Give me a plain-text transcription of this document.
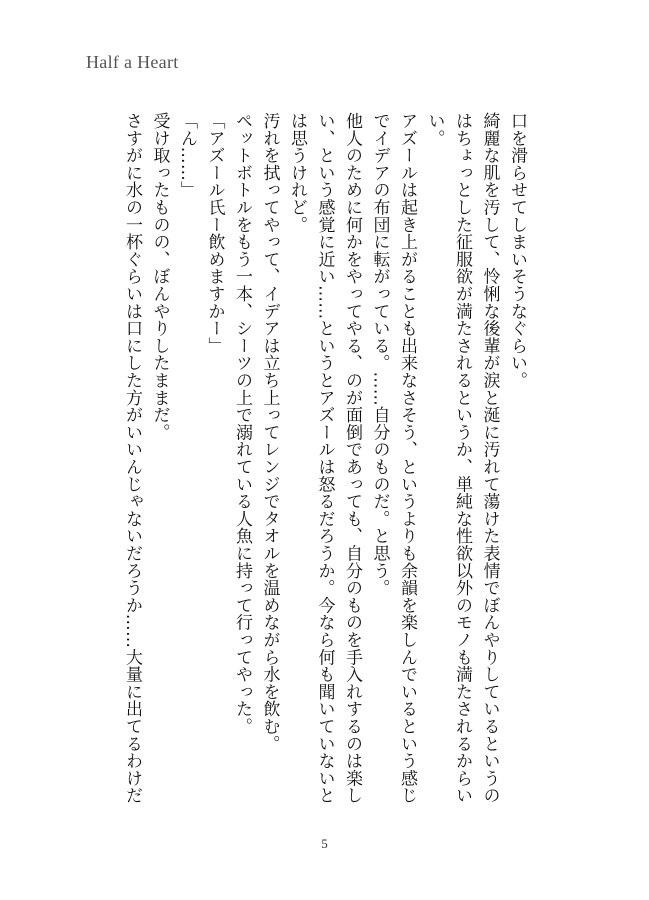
Half a Heart

口を滑らせてしまいそうなぐらい。

綺麗な肌を汚して、怜悧な後輩が涙と涎に汚れて蕩けた表情でぼんやりしているというのはちょっとした征服欲が満たされるというか、単純な性欲以外のモノも満たされるからいい。

アズールは起き上がることも出来なさそう、というよりも余韻を楽しんでいるという感じでイデアの布団に転がっている。……自分のものだ。と思う。

他人のために何かをやってやる、のが面倒であっても、自分のものを手入れするのは楽しい、という感覚に近い……というとアズールは怒るだろうか。今なら何も聞いていないとは思うけれど。

汚れを拭ってやって、イデアは立ち上ってレンジでタオルを温めながら水を飲む。

ペットボトルをもう一本、シーツの上で溺れている人魚に持って行ってやった。

「アズール氏ー飲めますかー」

「ん……」

受け取ったものの、ぼんやりしたままだ。

さすがに水の一杯ぐらいは口にした方がいいんじゃないだろうか……大量に出てるわけだ

5
